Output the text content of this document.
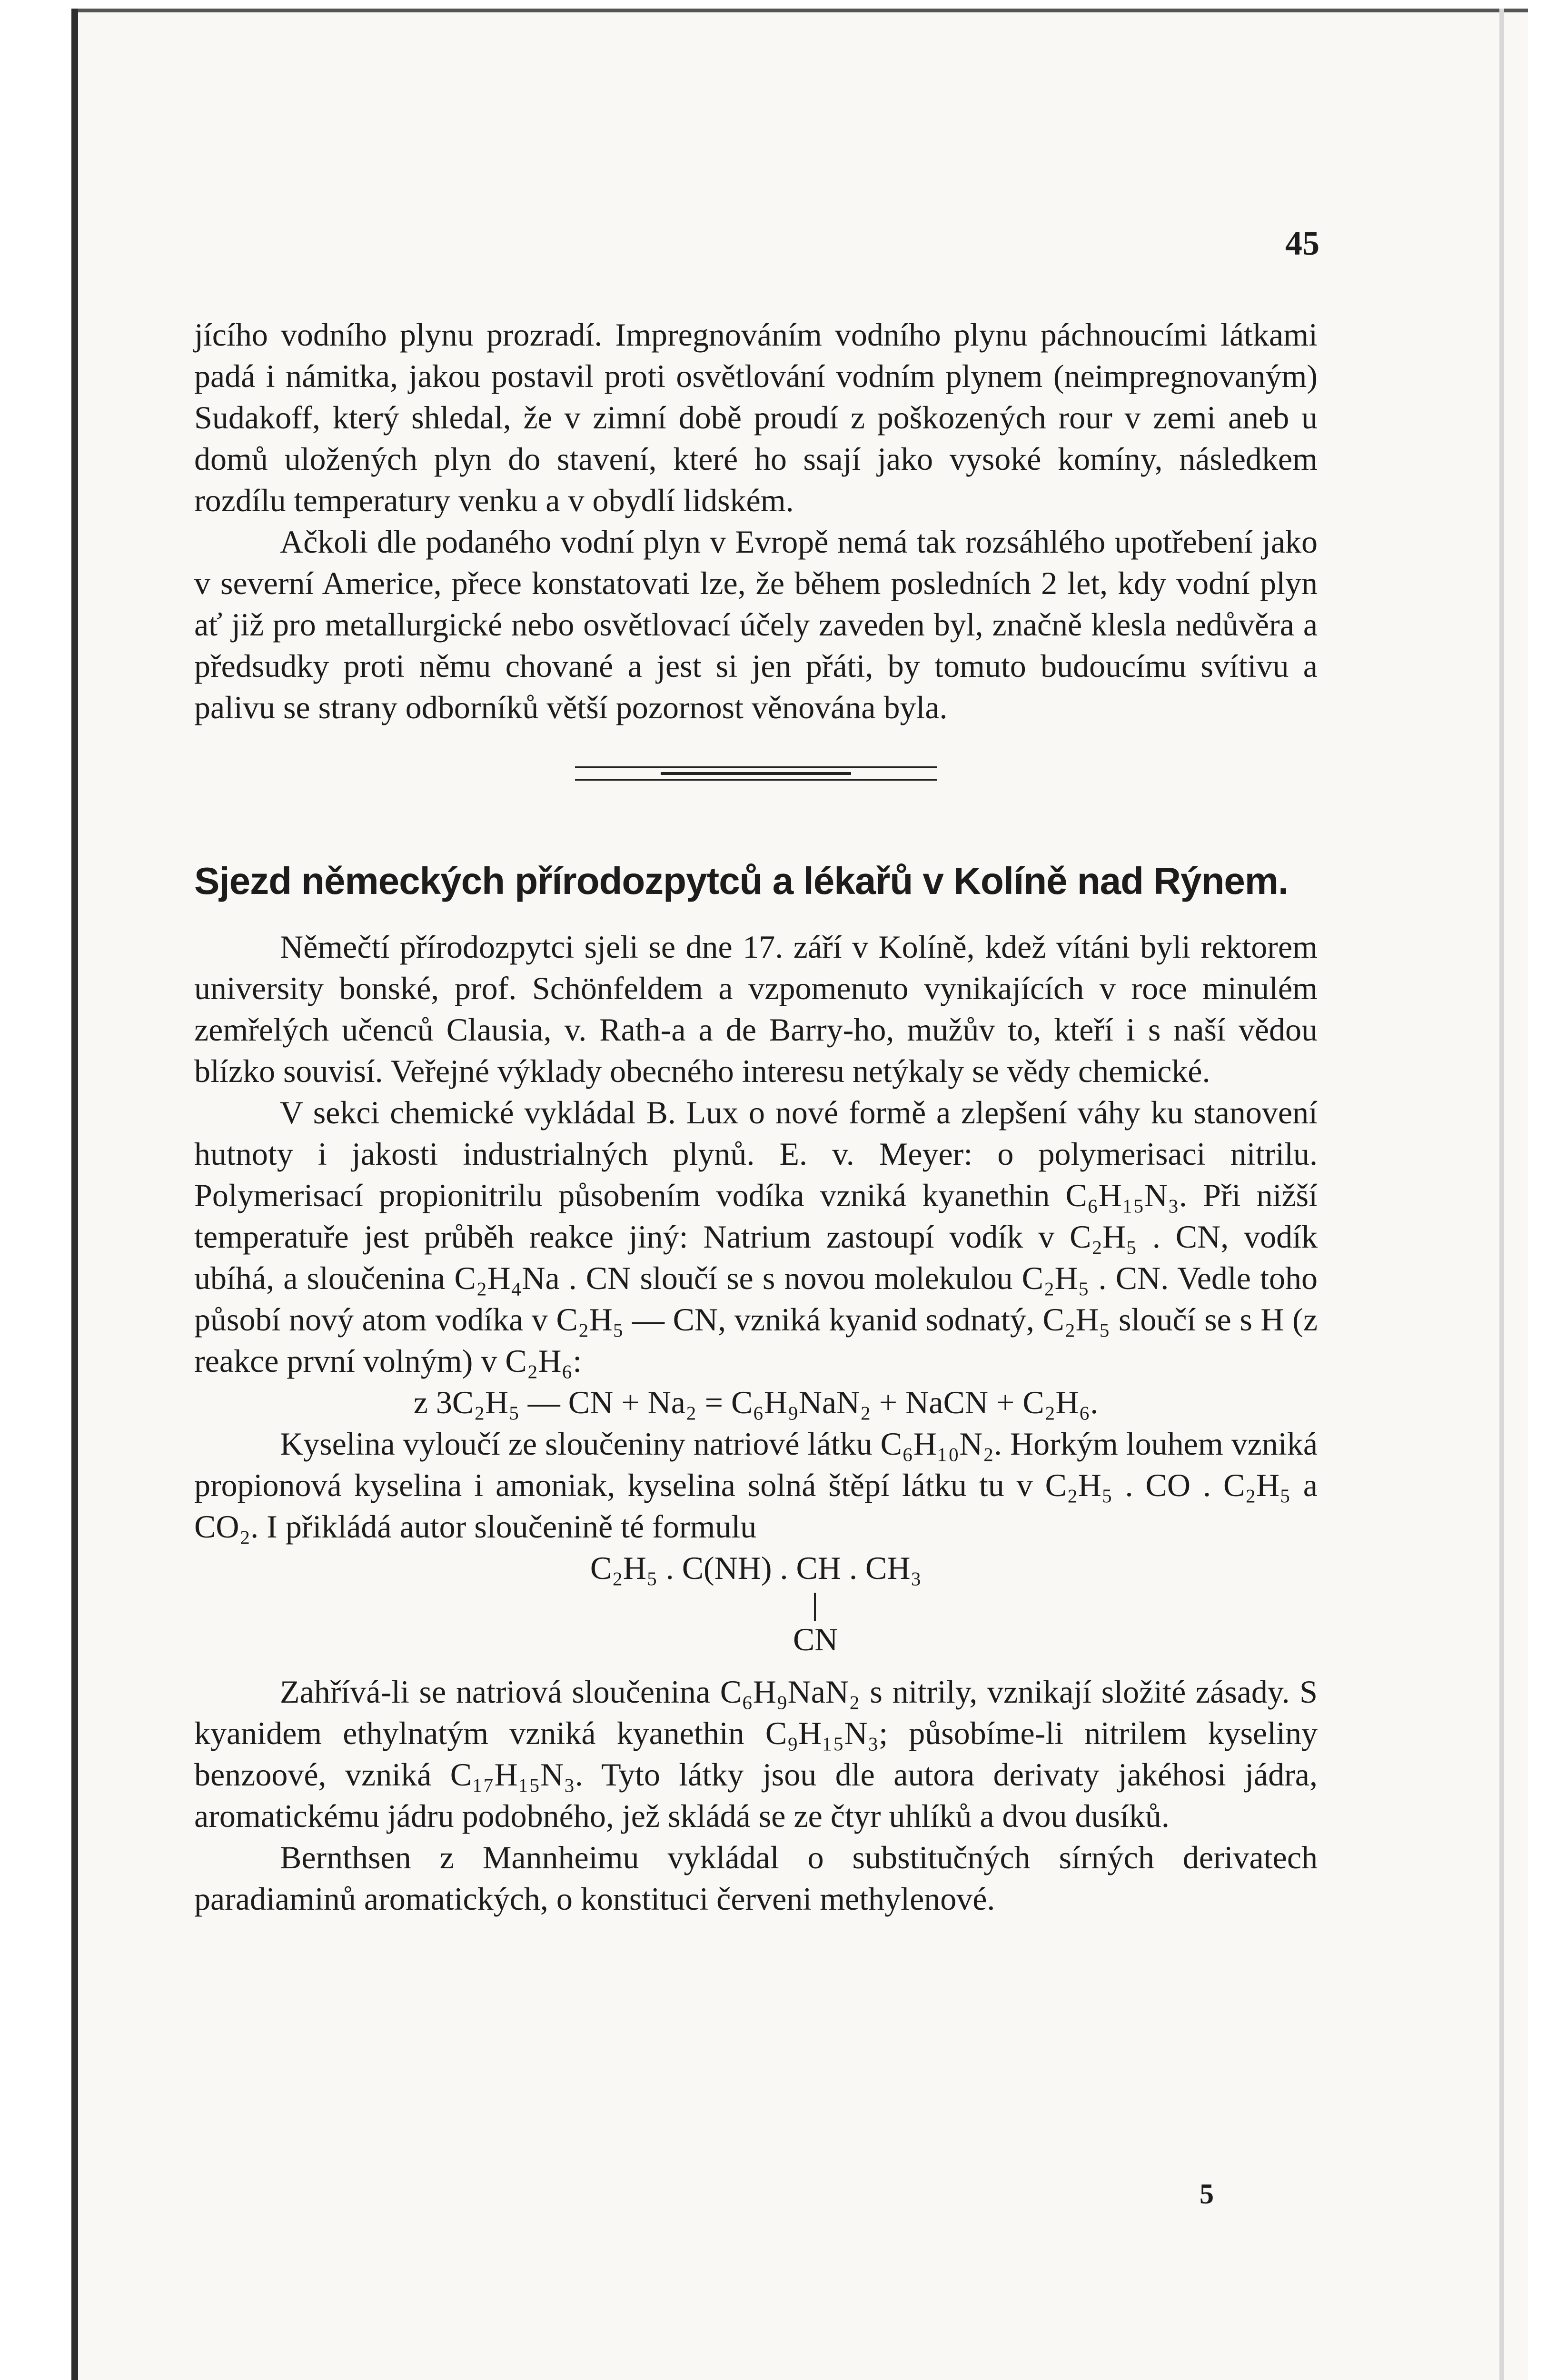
45

jícího vodního plynu prozradí. Impregnováním vodního plynu páchnoucími látkami padá i námitka, jakou postavil proti osvětlování vodním plynem (neimpregnovaným) Sudakoff, který shledal, že v zimní době proudí z poškozených rour v zemi aneb u domů uložených plyn do stavení, které ho ssají jako vysoké komíny, následkem rozdílu temperatury venku a v obydlí lidském.

Ačkoli dle podaného vodní plyn v Evropě nemá tak rozsáhlého upotřebení jako v severní Americe, přece konstatovati lze, že během posledních 2 let, kdy vodní plyn ať již pro metallurgické nebo osvětlovací účely zaveden byl, značně klesla nedůvěra a předsudky proti němu chované a jest si jen přáti, by tomuto budoucímu svítivu a palivu se strany odborníků větší pozornost věnována byla.

Sjezd německých přírodozpytců a lékařů v Kolíně nad Rýnem.

Němečtí přírodozpytci sjeli se dne 17. září v Kolíně, kdež vítáni byli rektorem university bonské, prof. Schönfeldem a vzpomenuto vynikajících v roce minulém zemřelých učenců Clausia, v. Rath-a a de Barry-ho, mužův to, kteří i s naší vědou blízko souvisí. Veřejné výklady obecného interesu netýkaly se vědy chemické.

V sekci chemické vykládal B. Lux o nové formě a zlepšení váhy ku stanovení hutnoty i jakosti industrialných plynů. E. v. Meyer: o polymerisaci nitrilu. Polymerisací propionitrilu působením vodíka vzniká kyanethin C₆H₁₅N₃. Při nižší temperatuře jest průběh reakce jiný: Natrium zastoupí vodík v C₂H₅ . CN, vodík ubíhá, a sloučenina C₂H₄Na . CN sloučí se s novou molekulou C₂H₅ . CN. Vedle toho působí nový atom vodíka v C₂H₅ — CN, vzniká kyanid sodnatý, C₂H₅ sloučí se s H (z reakce první volným) v C₂H₆:

z 3C₂H₅ — CN + Na₂ = C₆H₉NaN₂ + NaCN + C₂H₆.

Kyselina vyloučí ze sloučeniny natriové látku C₆H₁₀N₂. Horkým louhem vzniká propionová kyselina i amoniak, kyselina solná štěpí látku tu v C₂H₅ . CO . C₂H₅ a CO₂. I přikládá autor sloučenině té formulu

C₂H₅ . C(NH) . CH . CH₃
CN

Zahřívá-li se natriová sloučenina C₆H₉NaN₂ s nitrily, vznikají složité zásady. S kyanidem ethylnatým vzniká kyanethin C₉H₁₅N₃; působíme-li nitrilem kyseliny benzoové, vzniká C₁₇H₁₅N₃. Tyto látky jsou dle autora derivaty jakéhosi jádra, aromatickému jádru podobného, jež skládá se ze čtyr uhlíků a dvou dusíků.

Bernthsen z Mannheimu vykládal o substitučných sírných derivatech paradiaminů aromatických, o konstituci červeni methylenové.

5
